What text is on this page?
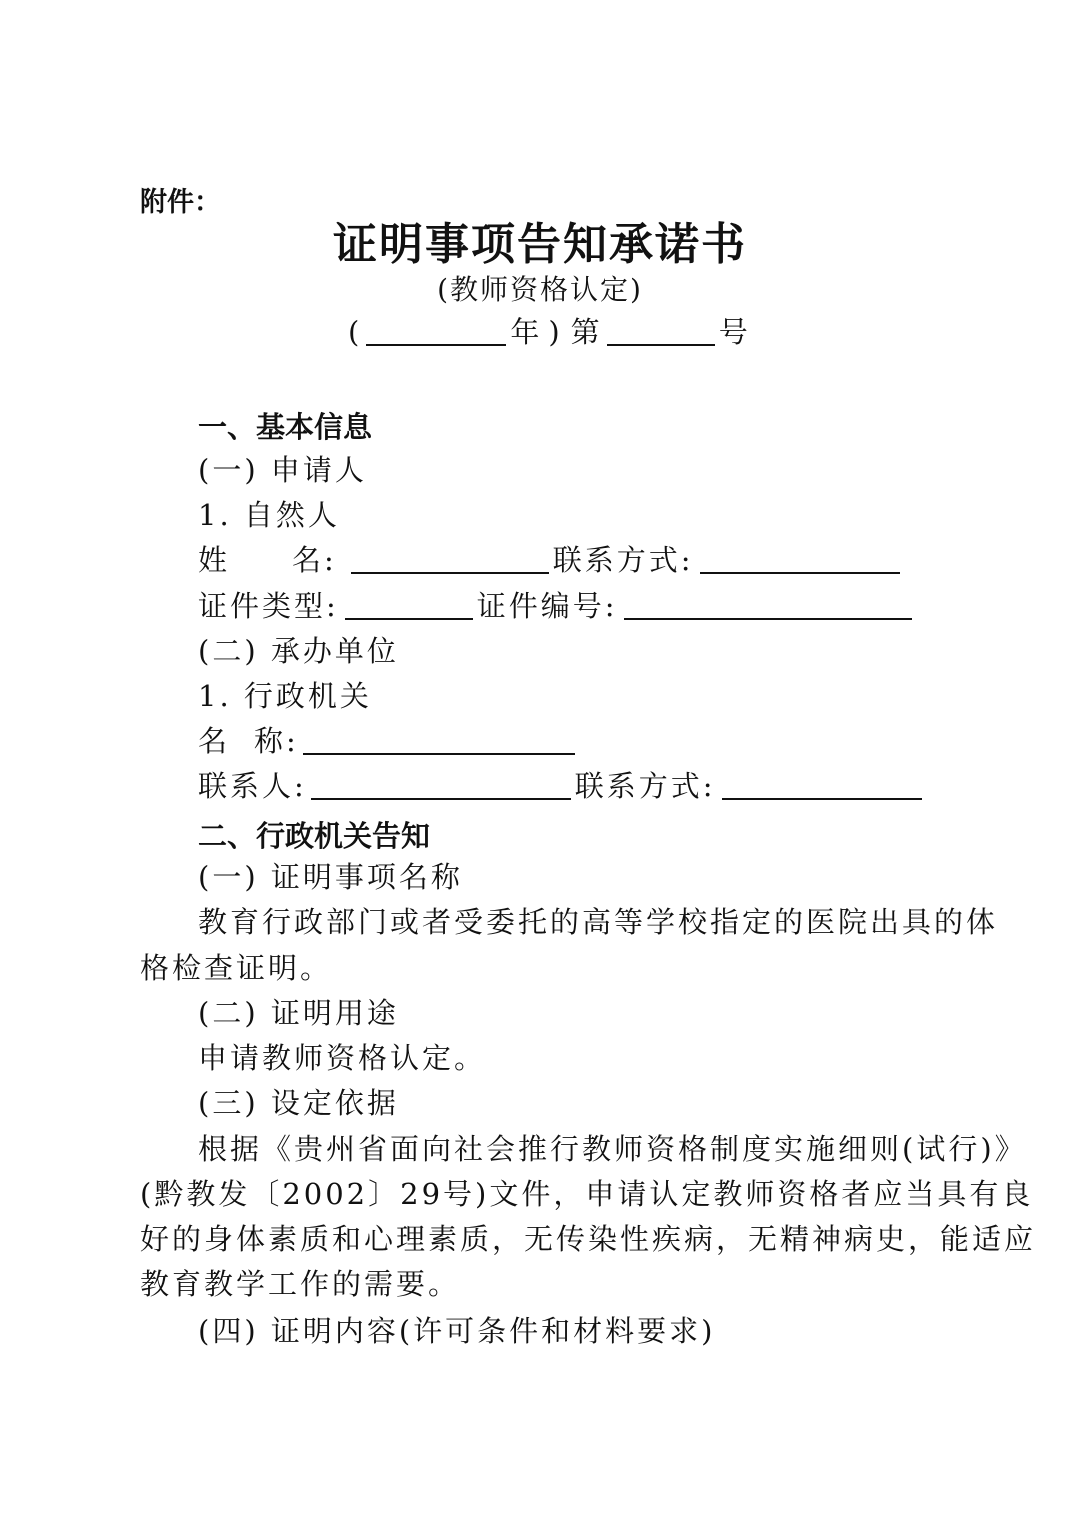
附件：
证明事项告知承诺书
(教师资格认定)
(	年 ) 第	号
一、基本信息
(一) 申请人
1. 自然人
姓 名:	联系方式:
证件类型:	证件编号:
(二) 承办单位
1. 行政机关
名 称:
联系人:	联系方式:
二、行政机关告知
(一) 证明事项名称
教育行政部门或者受委托的高等学校指定的医院出具的体
格检查证明。
(二) 证明用途
申请教师资格认定。
(三) 设定依据
根据《贵州省面向社会推行教师资格制度实施细则(试行)》
(黔教发〔2002〕29号)文件，申请认定教师资格者应当具有良
好的身体素质和心理素质，无传染性疾病，无精神病史，能适应
教育教学工作的需要。
(四) 证明内容(许可条件和材料要求)
